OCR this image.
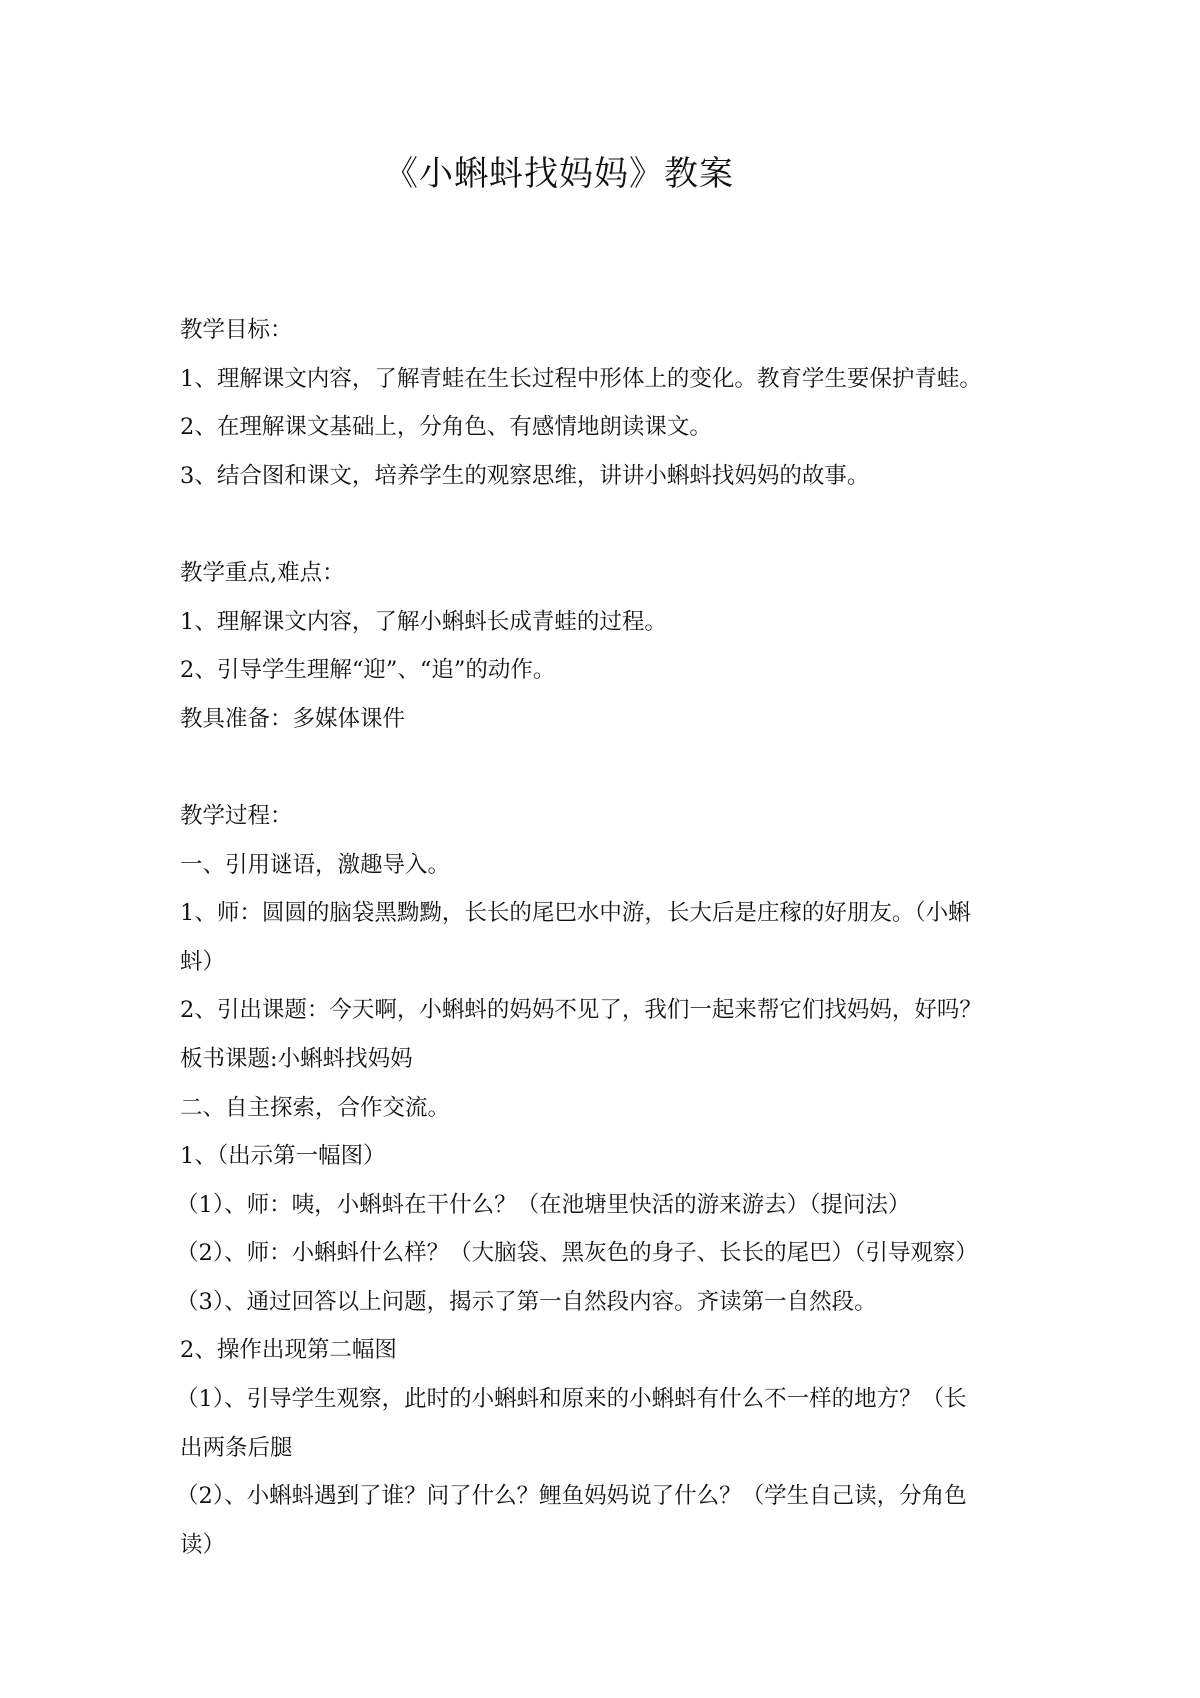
《小蝌蚪找妈妈》教案
教学目标：
1、理解课文内容，了解青蛙在生长过程中形体上的变化。教育学生要保护青蛙。
2、在理解课文基础上，分角色、有感情地朗读课文。
3、结合图和课文，培养学生的观察思维，讲讲小蝌蚪找妈妈的故事。
教学重点,难点：
1、理解课文内容，了解小蝌蚪长成青蛙的过程。
2、引导学生理解“迎”、“追”的动作。
教具准备：多媒体课件
教学过程：
一、引用谜语，激趣导入。
1、师：圆圆的脑袋黑黝黝，长长的尾巴水中游，长大后是庄稼的好朋友。（小蝌
蚪）
2、引出课题：今天啊，小蝌蚪的妈妈不见了，我们一起来帮它们找妈妈，好吗？
板书课题:小蝌蚪找妈妈
二、自主探索，合作交流。
1、（出示第一幅图）
（1）、师：咦，小蝌蚪在干什么？（在池塘里快活的游来游去）（提问法）
（2）、师：小蝌蚪什么样？（大脑袋、黑灰色的身子、长长的尾巴）（引导观察）
（3）、通过回答以上问题，揭示了第一自然段内容。齐读第一自然段。
2、操作出现第二幅图
（1）、引导学生观察，此时的小蝌蚪和原来的小蝌蚪有什么不一样的地方？（长
出两条后腿
（2）、小蝌蚪遇到了谁？问了什么？鲤鱼妈妈说了什么？（学生自己读，分角色
读）
